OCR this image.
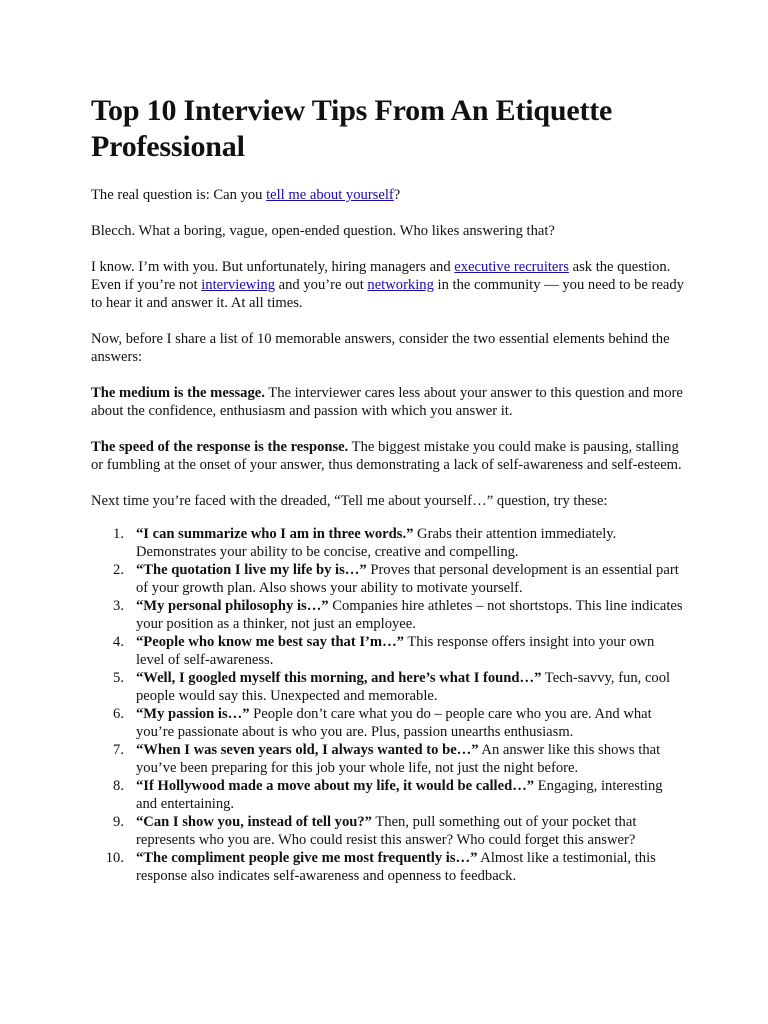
Top 10 Interview Tips From An Etiquette Professional

The real question is: Can you tell me about yourself?

Blecch. What a boring, vague, open-ended question. Who likes answering that?

I know. I’m with you. But unfortunately, hiring managers and executive recruiters ask the question. Even if you’re not interviewing and you’re out networking in the community — you need to be ready to hear it and answer it. At all times.

Now, before I share a list of 10 memorable answers, consider the two essential elements behind the answers:

The medium is the message. The interviewer cares less about your answer to this question and more about the confidence, enthusiasm and passion with which you answer it.

The speed of the response is the response. The biggest mistake you could make is pausing, stalling or fumbling at the onset of your answer, thus demonstrating a lack of self-awareness and self-esteem.

Next time you’re faced with the dreaded, “Tell me about yourself…” question, try these:

1. “I can summarize who I am in three words.” Grabs their attention immediately. Demonstrates your ability to be concise, creative and compelling.
2. “The quotation I live my life by is…” Proves that personal development is an essential part of your growth plan. Also shows your ability to motivate yourself.
3. “My personal philosophy is…” Companies hire athletes – not shortstops. This line indicates your position as a thinker, not just an employee.
4. “People who know me best say that I’m…” This response offers insight into your own level of self-awareness.
5. “Well, I googled myself this morning, and here’s what I found…” Tech-savvy, fun, cool people would say this. Unexpected and memorable.
6. “My passion is…” People don’t care what you do – people care who you are. And what you’re passionate about is who you are. Plus, passion unearths enthusiasm.
7. “When I was seven years old, I always wanted to be…” An answer like this shows that you’ve been preparing for this job your whole life, not just the night before.
8. “If Hollywood made a move about my life, it would be called…” Engaging, interesting and entertaining.
9. “Can I show you, instead of tell you?” Then, pull something out of your pocket that represents who you are. Who could resist this answer? Who could forget this answer?
10. “The compliment people give me most frequently is…” Almost like a testimonial, this response also indicates self-awareness and openness to feedback.
